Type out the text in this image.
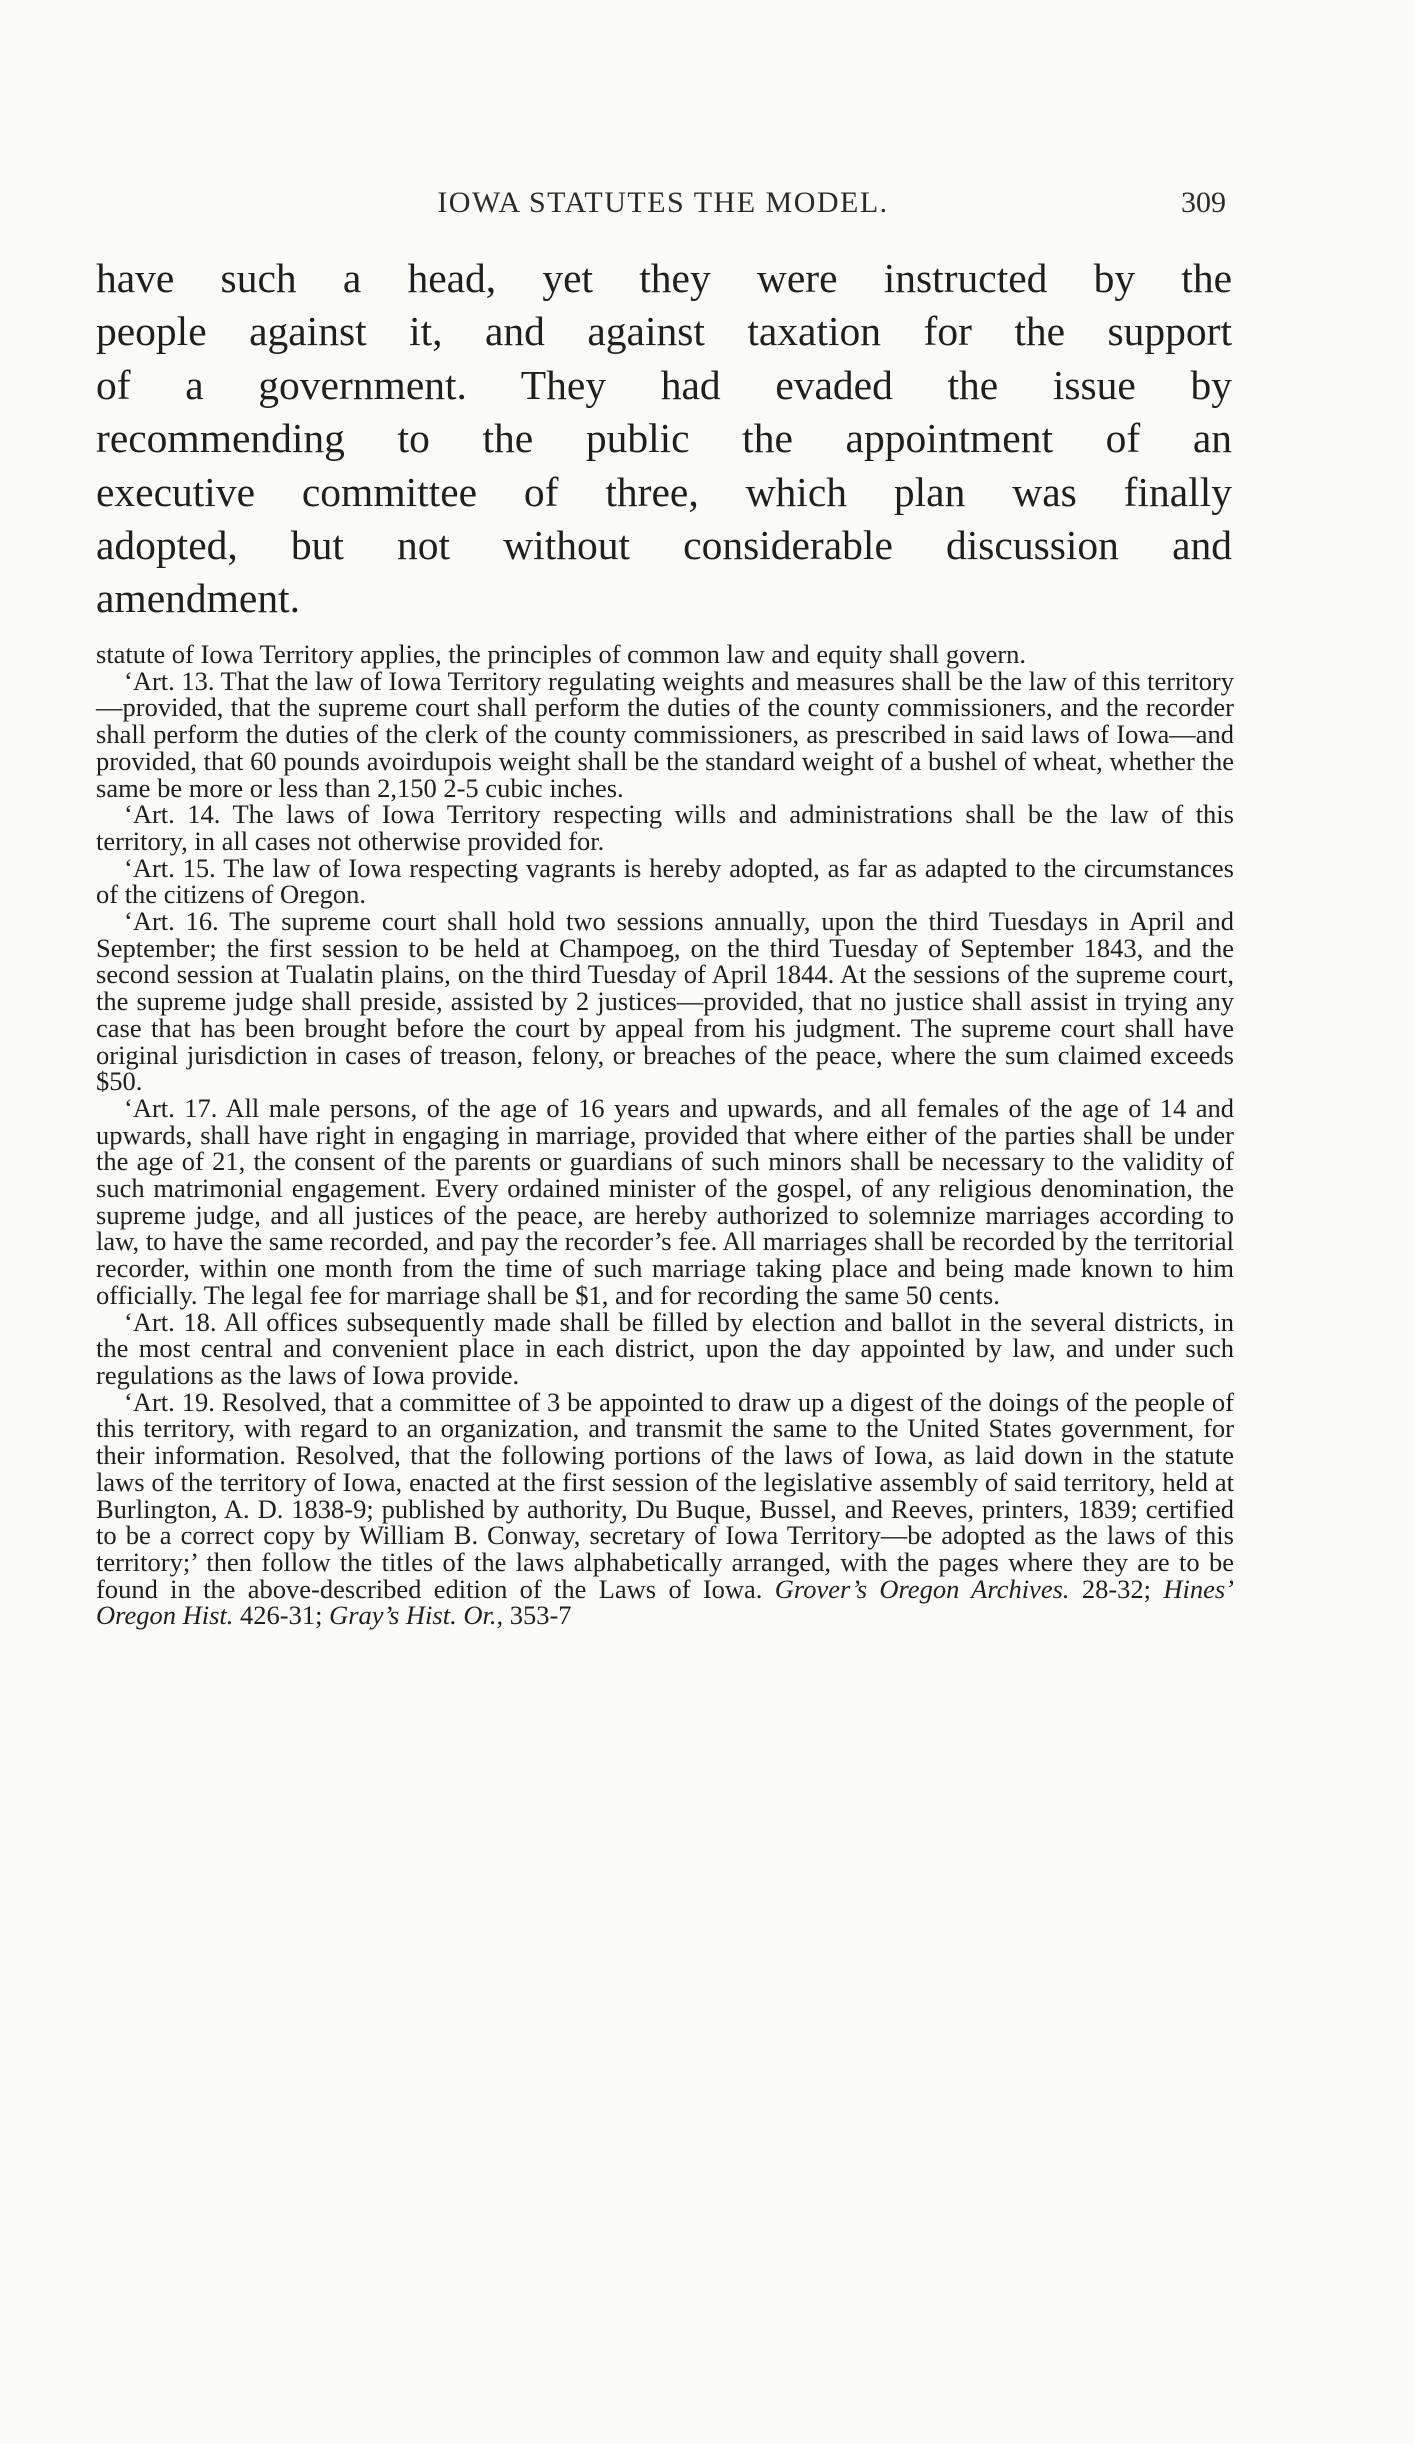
IOWA STATUTES THE MODEL.	309
have such a head, yet they were instructed by the
people against it, and against taxation for the support
of a government. They had evaded the issue by
recommending to the public the appointment of an
executive committee of three, which plan was finally
adopted, but not without considerable discussion and
amendment.

statute of Iowa Territory applies, the principles of common law and equity shall govern.

‘Art. 13. That the law of Iowa Territory regulating weights and measures shall be the law of this territory—provided, that the supreme court shall perform the duties of the county commissioners, and the recorder shall perform the duties of the clerk of the county commissioners, as prescribed in said laws of Iowa—and provided, that 60 pounds avoirdupois weight shall be the standard weight of a bushel of wheat, whether the same be more or less than 2,150 2-5 cubic inches.

‘Art. 14. The laws of Iowa Territory respecting wills and administrations shall be the law of this territory, in all cases not otherwise provided for.

‘Art. 15. The law of Iowa respecting vagrants is hereby adopted, as far as adapted to the circumstances of the citizens of Oregon.

‘Art. 16. The supreme court shall hold two sessions annually, upon the third Tuesdays in April and September; the first session to be held at Champoeg, on the third Tuesday of September 1843, and the second session at Tualatin plains, on the third Tuesday of April 1844. At the sessions of the supreme court, the supreme judge shall preside, assisted by 2 justices—provided, that no justice shall assist in trying any case that has been brought before the court by appeal from his judgment. The supreme court shall have original jurisdiction in cases of treason, felony, or breaches of the peace, where the sum claimed exceeds $50.

‘Art. 17. All male persons, of the age of 16 years and upwards, and all females of the age of 14 and upwards, shall have right in engaging in marriage, provided that where either of the parties shall be under the age of 21, the consent of the parents or guardians of such minors shall be necessary to the validity of such matrimonial engagement. Every ordained minister of the gospel, of any religious denomination, the supreme judge, and all justices of the peace, are hereby authorized to solemnize marriages according to law, to have the same recorded, and pay the recorder’s fee. All marriages shall be recorded by the territorial recorder, within one month from the time of such marriage taking place and being made known to him officially. The legal fee for marriage shall be $1, and for recording the same 50 cents.

‘Art. 18. All offices subsequently made shall be filled by election and ballot in the several districts, in the most central and convenient place in each district, upon the day appointed by law, and under such regulations as the laws of Iowa provide.

‘Art. 19. Resolved, that a committee of 3 be appointed to draw up a digest of the doings of the people of this territory, with regard to an organization, and transmit the same to the United States government, for their information. Resolved, that the following portions of the laws of Iowa, as laid down in the statute laws of the territory of Iowa, enacted at the first session of the legislative assembly of said territory, held at Burlington, A. D. 1838-9; published by authority, Du Buque, Bussel, and Reeves, printers, 1839; certified to be a correct copy by William B. Conway, secretary of Iowa Territory—be adopted as the laws of this territory;’ then follow the titles of the laws alphabetically arranged, with the pages where they are to be found in the above-described edition of the Laws of Iowa. Grover’s Oregon Archives. 28-32; Hines’ Oregon Hist. 426-31; Gray’s Hist. Or., 353-7
